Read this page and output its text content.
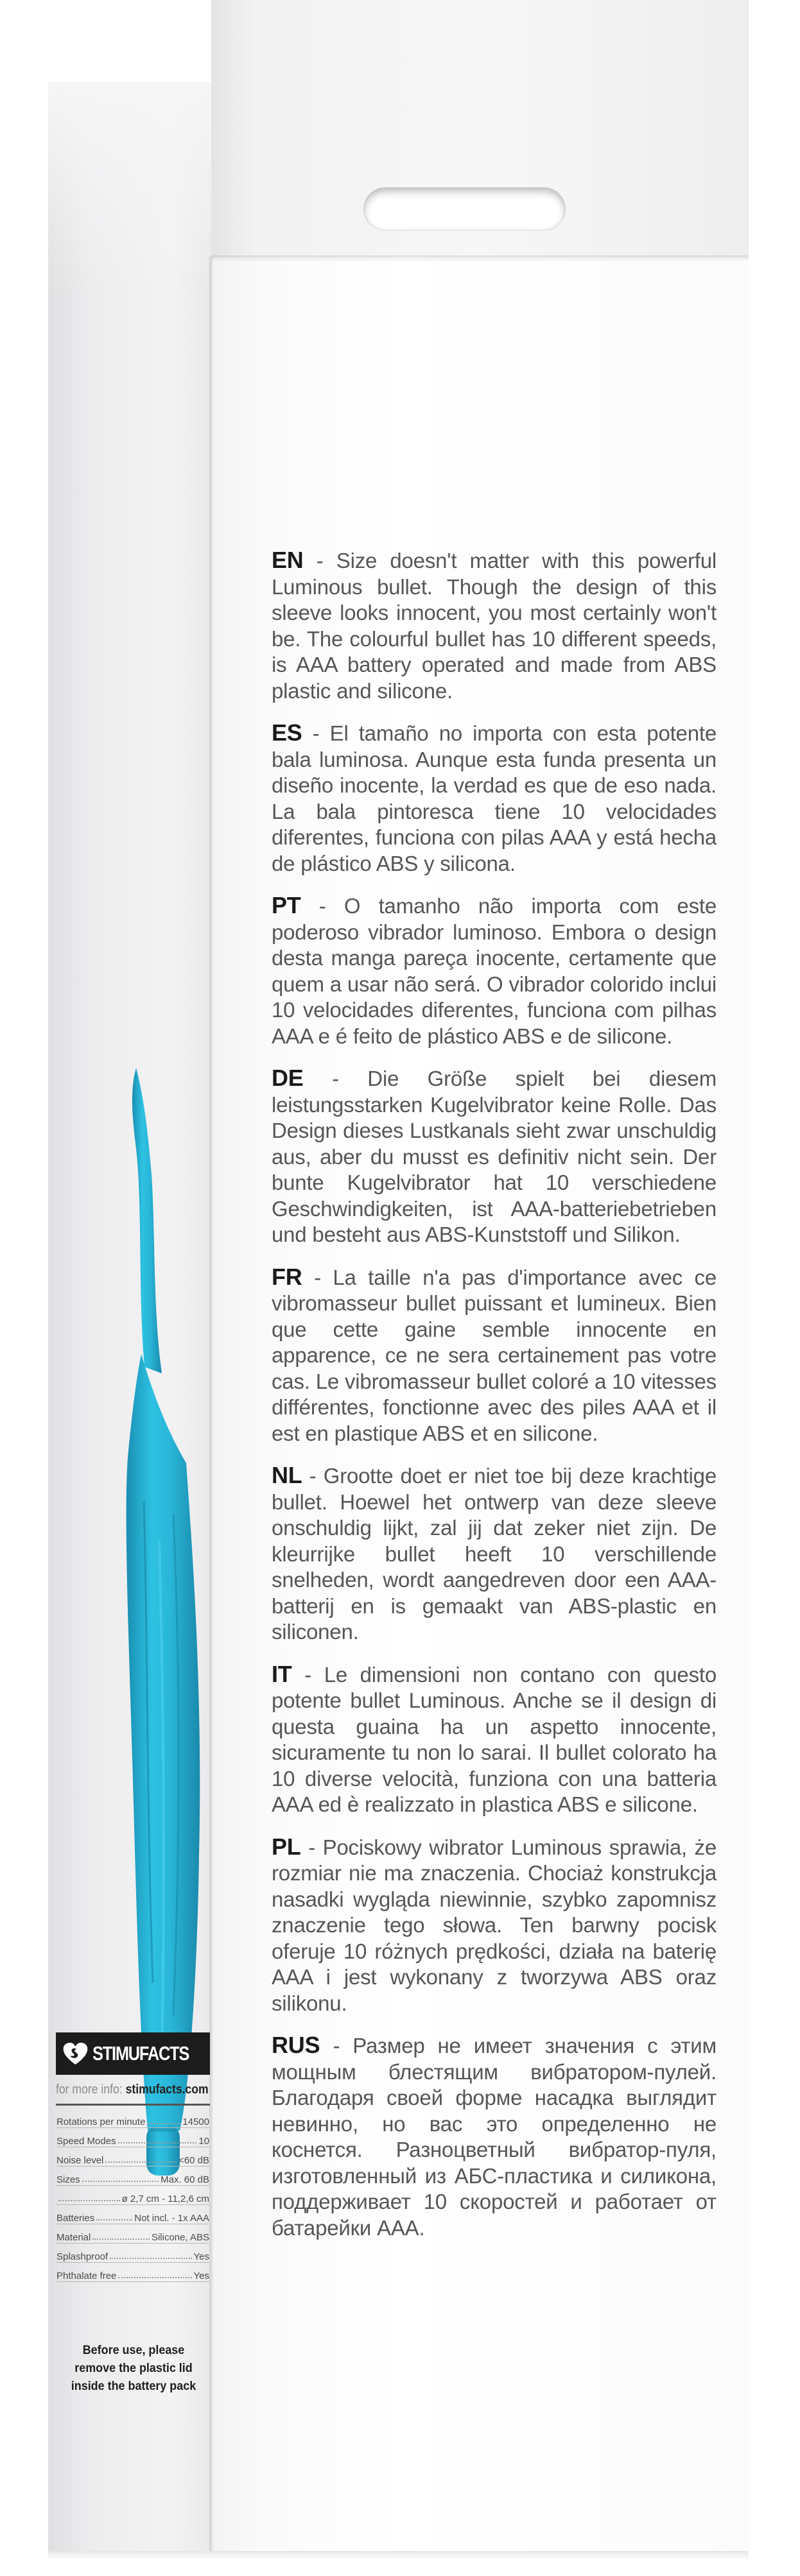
EN - Size doesn't matter with this powerful Luminous bullet. Though the design of this sleeve looks innocent, you most certainly won't be. The colourful bullet has 10 different speeds, is AAA battery operated and made from ABS plastic and silicone.

ES - El tamaño no importa con esta potente bala luminosa. Aunque esta funda presenta un diseño inocente, la verdad es que de eso nada. La bala pintoresca tiene 10 velocidades diferentes, funciona con pilas AAA y está hecha de plástico ABS y silicona.

PT - O tamanho não importa com este poderoso vibrador luminoso. Embora o design desta manga pareça inocente, certamente que quem a usar não será. O vibrador colorido inclui 10 velocidades diferentes, funciona com pilhas AAA e é feito de plástico ABS e de silicone.

DE - Die Größe spielt bei diesem leistungsstarken Kugelvibrator keine Rolle. Das Design dieses Lustkanals sieht zwar unschuldig aus, aber du musst es definitiv nicht sein. Der bunte Kugelvibrator hat 10 verschiedene Geschwindigkeiten, ist AAA-batteriebetrieben und besteht aus ABS-Kunststoff und Silikon.

FR - La taille n'a pas d'importance avec ce vibromasseur bullet puissant et lumineux. Bien que cette gaine semble innocente en apparence, ce ne sera certainement pas votre cas. Le vibromasseur bullet coloré a 10 vitesses différentes, fonctionne avec des piles AAA et il est en plastique ABS et en silicone.

NL - Grootte doet er niet toe bij deze krachtige bullet. Hoewel het ontwerp van deze sleeve onschuldig lijkt, zal jij dat zeker niet zijn. De kleurrijke bullet heeft 10 verschillende snelheden, wordt aangedreven door een AAA-batterij en is gemaakt van ABS-plastic en siliconen.

IT - Le dimensioni non contano con questo potente bullet Luminous. Anche se il design di questa guaina ha un aspetto innocente, sicuramente tu non lo sarai. Il bullet colorato ha 10 diverse velocità, funziona con una batteria AAA ed è realizzato in plastica ABS e silicone.

PL - Pociskowy wibrator Luminous sprawia, że rozmiar nie ma znaczenia. Chociaż konstrukcja nasadki wygląda niewinnie, szybko zapomnisz znaczenie tego słowa. Ten barwny pocisk oferuje 10 różnych prędkości, działa na baterię AAA i jest wykonany z tworzywa ABS oraz silikonu.

RUS - Размер не имеет значения с этим мощным блестящим вибратором-пулей. Благодаря своей форме насадка выглядит невинно, но вас это определенно не коснется. Разноцветный вибратор-пуля, изготовленный из АБС-пластика и силикона, поддерживает 10 скоростей и работает от батарейки ААА.

STIMUFACTS
for more info: stimufacts.com
Rotations per minute	14500
Speed Modes	10
Noise level	<60 dB
Sizes	Max. 60 dB
ø 2,7 cm - 11,2,6 cm
Batteries	Not incl. - 1x AAA
Material	Silicone, ABS
Splashproof	Yes
Phthalate free	Yes
Before use, please remove the plastic lid inside the battery pack
